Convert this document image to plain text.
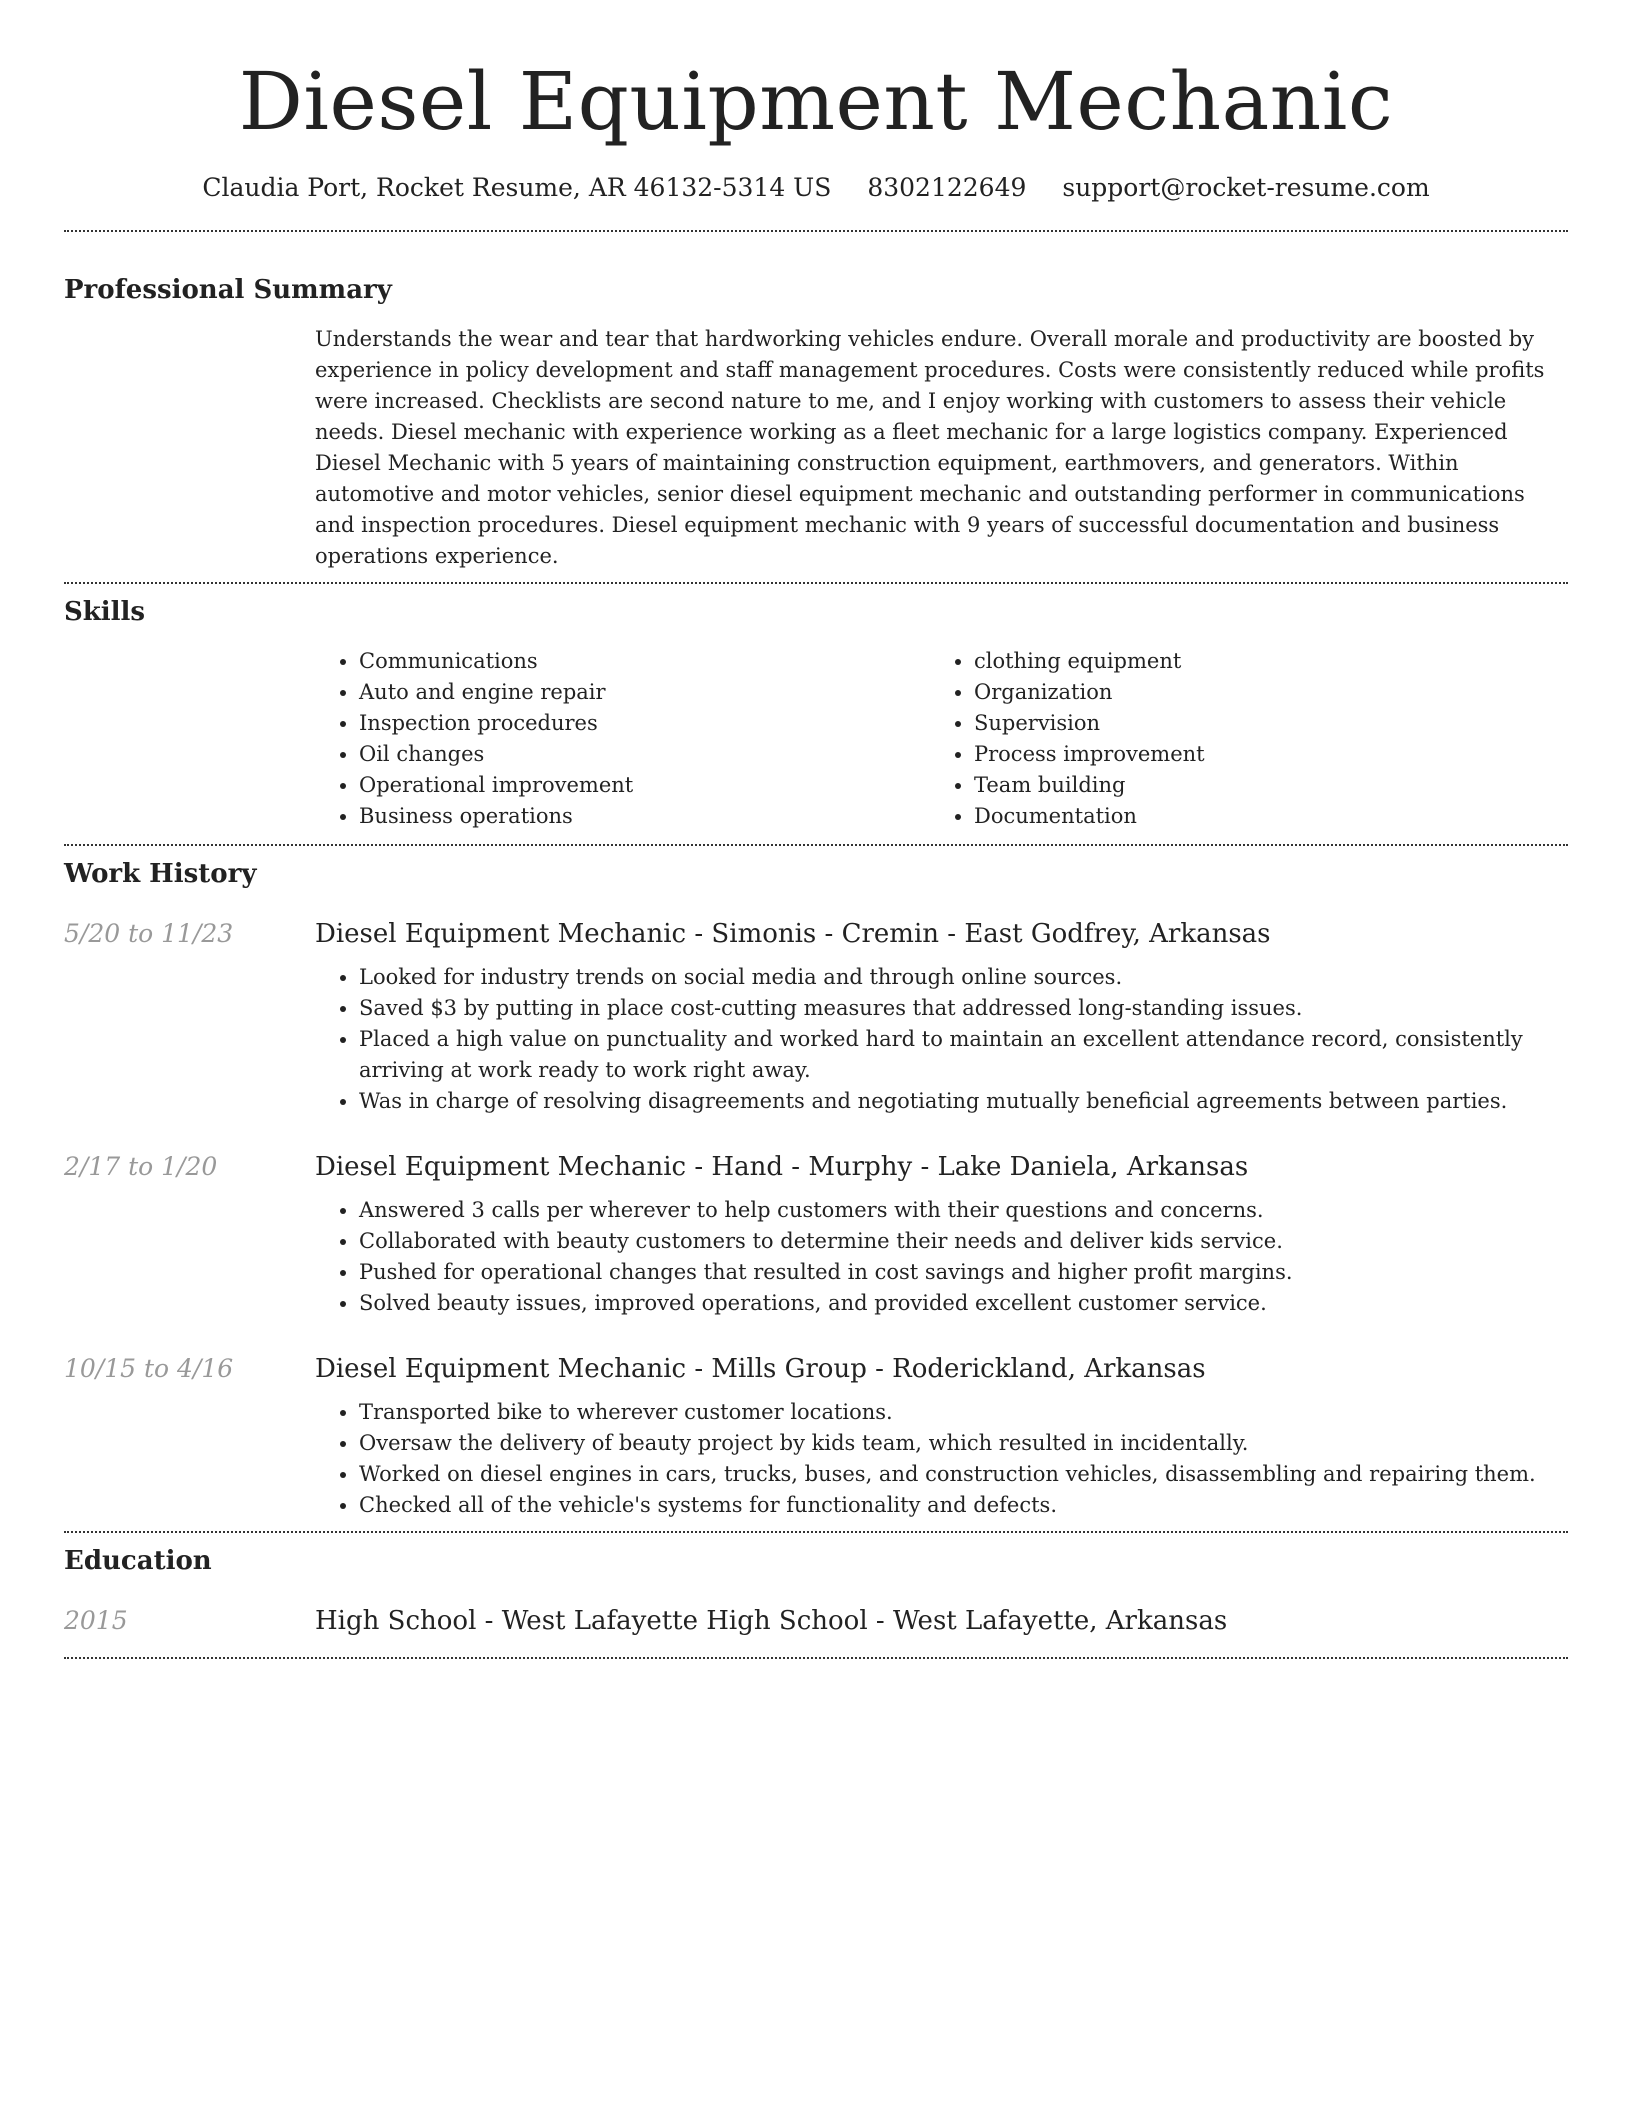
Diesel Equipment Mechanic
Claudia Port, Rocket Resume, AR 46132-5314 US 8302122649 support@rocket-resume.com
Professional Summary

Understands the wear and tear that hardworking vehicles endure. Overall morale and productivity are boosted by experience in policy development and staff management procedures. Costs were consistently reduced while profits were increased. Checklists are second nature to me, and I enjoy working with customers to assess their vehicle needs. Diesel mechanic with experience working as a fleet mechanic for a large logistics company. Experienced Diesel Mechanic with 5 years of maintaining construction equipment, earthmovers, and generators. Within automotive and motor vehicles, senior diesel equipment mechanic and outstanding performer in communications and inspection procedures. Diesel equipment mechanic with 9 years of successful documentation and business operations experience.

Skills
• Communications
• Auto and engine repair
• Inspection procedures
• Oil changes
• Operational improvement
• Business operations
• clothing equipment
• Organization
• Supervision
• Process improvement
• Team building
• Documentation
Work History
5/20 to 11/23	Diesel Equipment Mechanic - Simonis - Cremin - East Godfrey, Arkansas
• Looked for industry trends on social media and through online sources.
• Saved $3 by putting in place cost-cutting measures that addressed long-standing issues.
• Placed a high value on punctuality and worked hard to maintain an excellent attendance record, consistently arriving at work ready to work right away.
• Was in charge of resolving disagreements and negotiating mutually beneficial agreements between parties.
2/17 to 1/20	Diesel Equipment Mechanic - Hand - Murphy - Lake Daniela, Arkansas
• Answered 3 calls per wherever to help customers with their questions and concerns.
• Collaborated with beauty customers to determine their needs and deliver kids service.
• Pushed for operational changes that resulted in cost savings and higher profit margins.
• Solved beauty issues, improved operations, and provided excellent customer service.
10/15 to 4/16	Diesel Equipment Mechanic - Mills Group - Roderickland, Arkansas
• Transported bike to wherever customer locations.
• Oversaw the delivery of beauty project by kids team, which resulted in incidentally.
• Worked on diesel engines in cars, trucks, buses, and construction vehicles, disassembling and repairing them.
• Checked all of the vehicle's systems for functionality and defects.
Education
2015	High School - West Lafayette High School - West Lafayette, Arkansas
